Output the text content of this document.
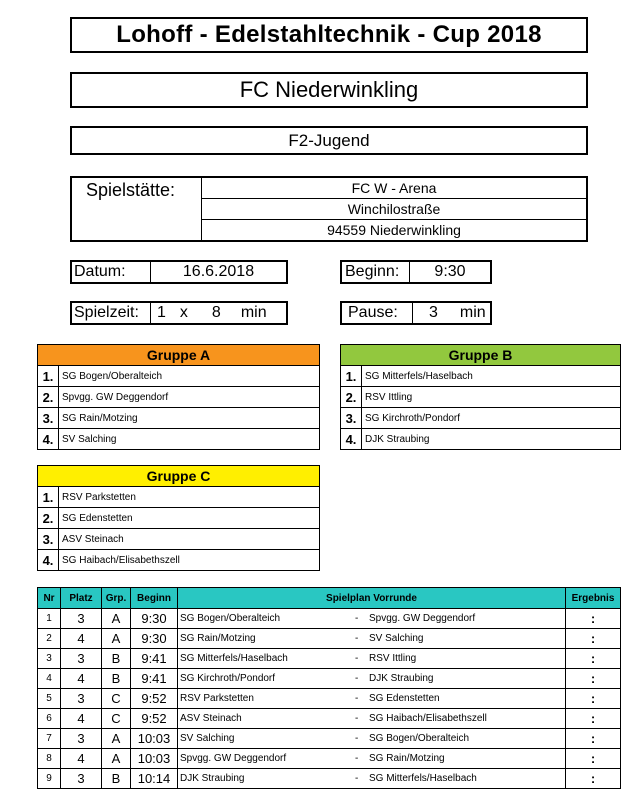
Lohoff - Edelstahltechnik - Cup 2018
FC Niederwinkling
F2-Jugend
Spielstätte:	FC W - Arena
Winchilostraße
94559 Niederwinkling
Datum:	16.6.2018	Beginn:	9:30
Spielzeit:	1 x 8 min	Pause:	3 min
Gruppe A
1. SG Bogen/Oberalteich
2. Spvgg. GW Deggendorf
3. SG Rain/Motzing
4. SV Salching
Gruppe B
1. SG Mitterfels/Haselbach
2. RSV Ittling
3. SG Kirchroth/Pondorf
4. DJK Straubing
Gruppe C
1. RSV Parkstetten
2. SG Edenstetten
3. ASV Steinach
4. SG Haibach/Elisabethszell
Nr	Platz	Grp.	Beginn	Spielplan Vorrunde	Ergebnis
1	3	A	9:30	SG Bogen/Oberalteich - Spvgg. GW Deggendorf	:
2	4	A	9:30	SG Rain/Motzing - SV Salching	:
3	3	B	9:41	SG Mitterfels/Haselbach - RSV Ittling	:
4	4	B	9:41	SG Kirchroth/Pondorf - DJK Straubing	:
5	3	C	9:52	RSV Parkstetten - SG Edenstetten	:
6	4	C	9:52	ASV Steinach - SG Haibach/Elisabethszell	:
7	3	A	10:03	SV Salching - SG Bogen/Oberalteich	:
8	4	A	10:03	Spvgg. GW Deggendorf - SG Rain/Motzing	:
9	3	B	10:14	DJK Straubing - SG Mitterfels/Haselbach	:
